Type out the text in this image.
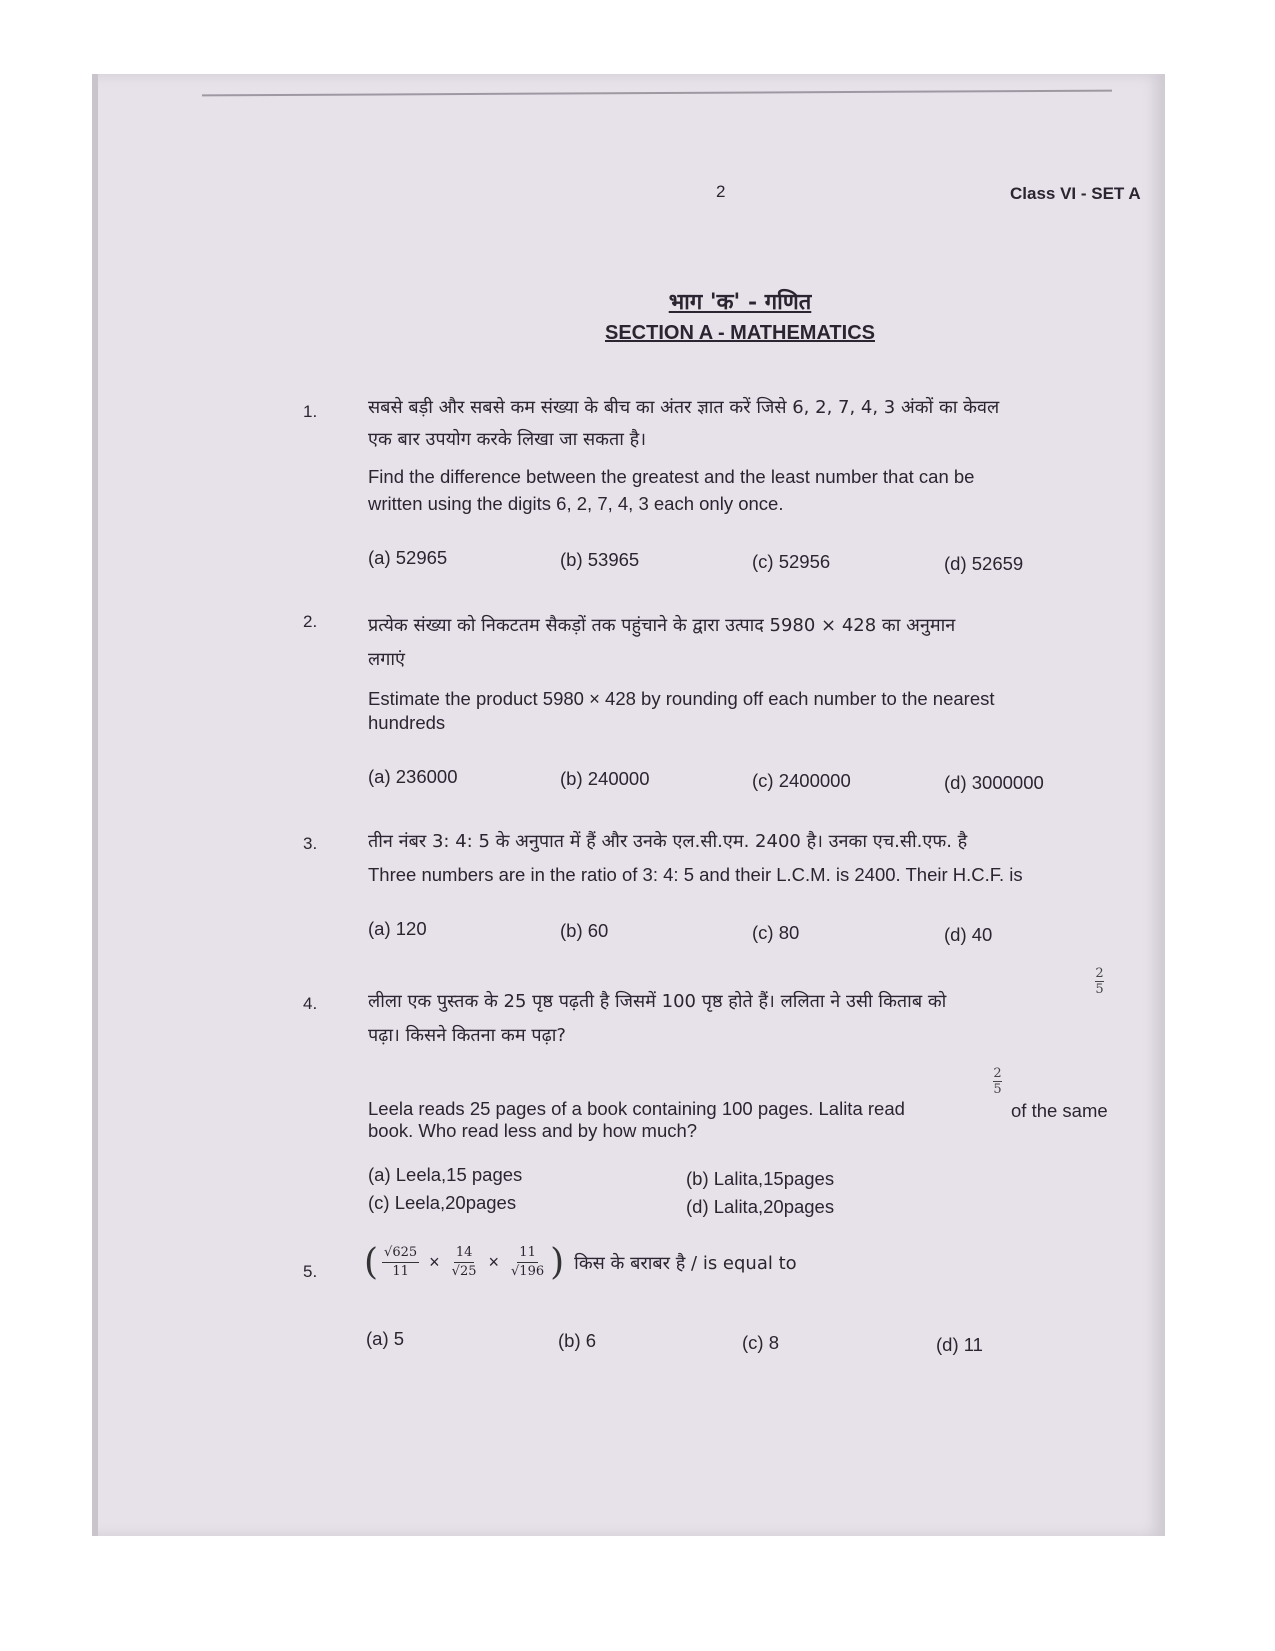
2	Class VI - SET A
भाग 'क' - गणित
SECTION A - MATHEMATICS
1.	सबसे बड़ी और सबसे कम संख्या के बीच का अंतर ज्ञात करें जिसे 6, 2, 7, 4, 3 अंकों का केवल
एक बार उपयोग करके लिखा जा सकता है।
Find the difference between the greatest and the least number that can be
written using the digits 6, 2, 7, 4, 3 each only once.
(a) 52965	(b) 53965	(c) 52956	(d) 52659
2.	प्रत्येक संख्या को निकटतम सैकड़ों तक पहुंचाने के द्वारा उत्पाद 5980 × 428 का अनुमान
लगाएं
Estimate the product 5980 × 428 by rounding off each number to the nearest
hundreds
(a) 236000	(b) 240000	(c) 2400000	(d) 3000000
3.	तीन नंबर 3: 4: 5 के अनुपात में हैं और उनके एल.सी.एम. 2400 है। उनका एच.सी.एफ. है
Three numbers are in the ratio of 3: 4: 5 and their L.C.M. is 2400. Their H.C.F. is
(a) 120	(b) 60	(c) 80	(d) 40
4.	लीला एक पुस्तक के 25 पृष्ठ पढ़ती है जिसमें 100 पृष्ठ होते हैं। ललिता ने उसी किताब को
2
5
पढ़ा। किसने कितना कम पढ़ा?
Leela reads 25 pages of a book containing 100 pages. Lalita read
2
5
of the same
book. Who read less and by how much?
(a) Leela,15 pages	(b) Lalita,15pages
(c) Leela,20pages	(d) Lalita,20pages
5. ( $\frac{√625}{11} \times \frac{14}{√25} \times \frac{11}{√196}$ ) किस के बराबर है / is equal to
(a) 5	(b) 6	(c) 8	(d) 11
